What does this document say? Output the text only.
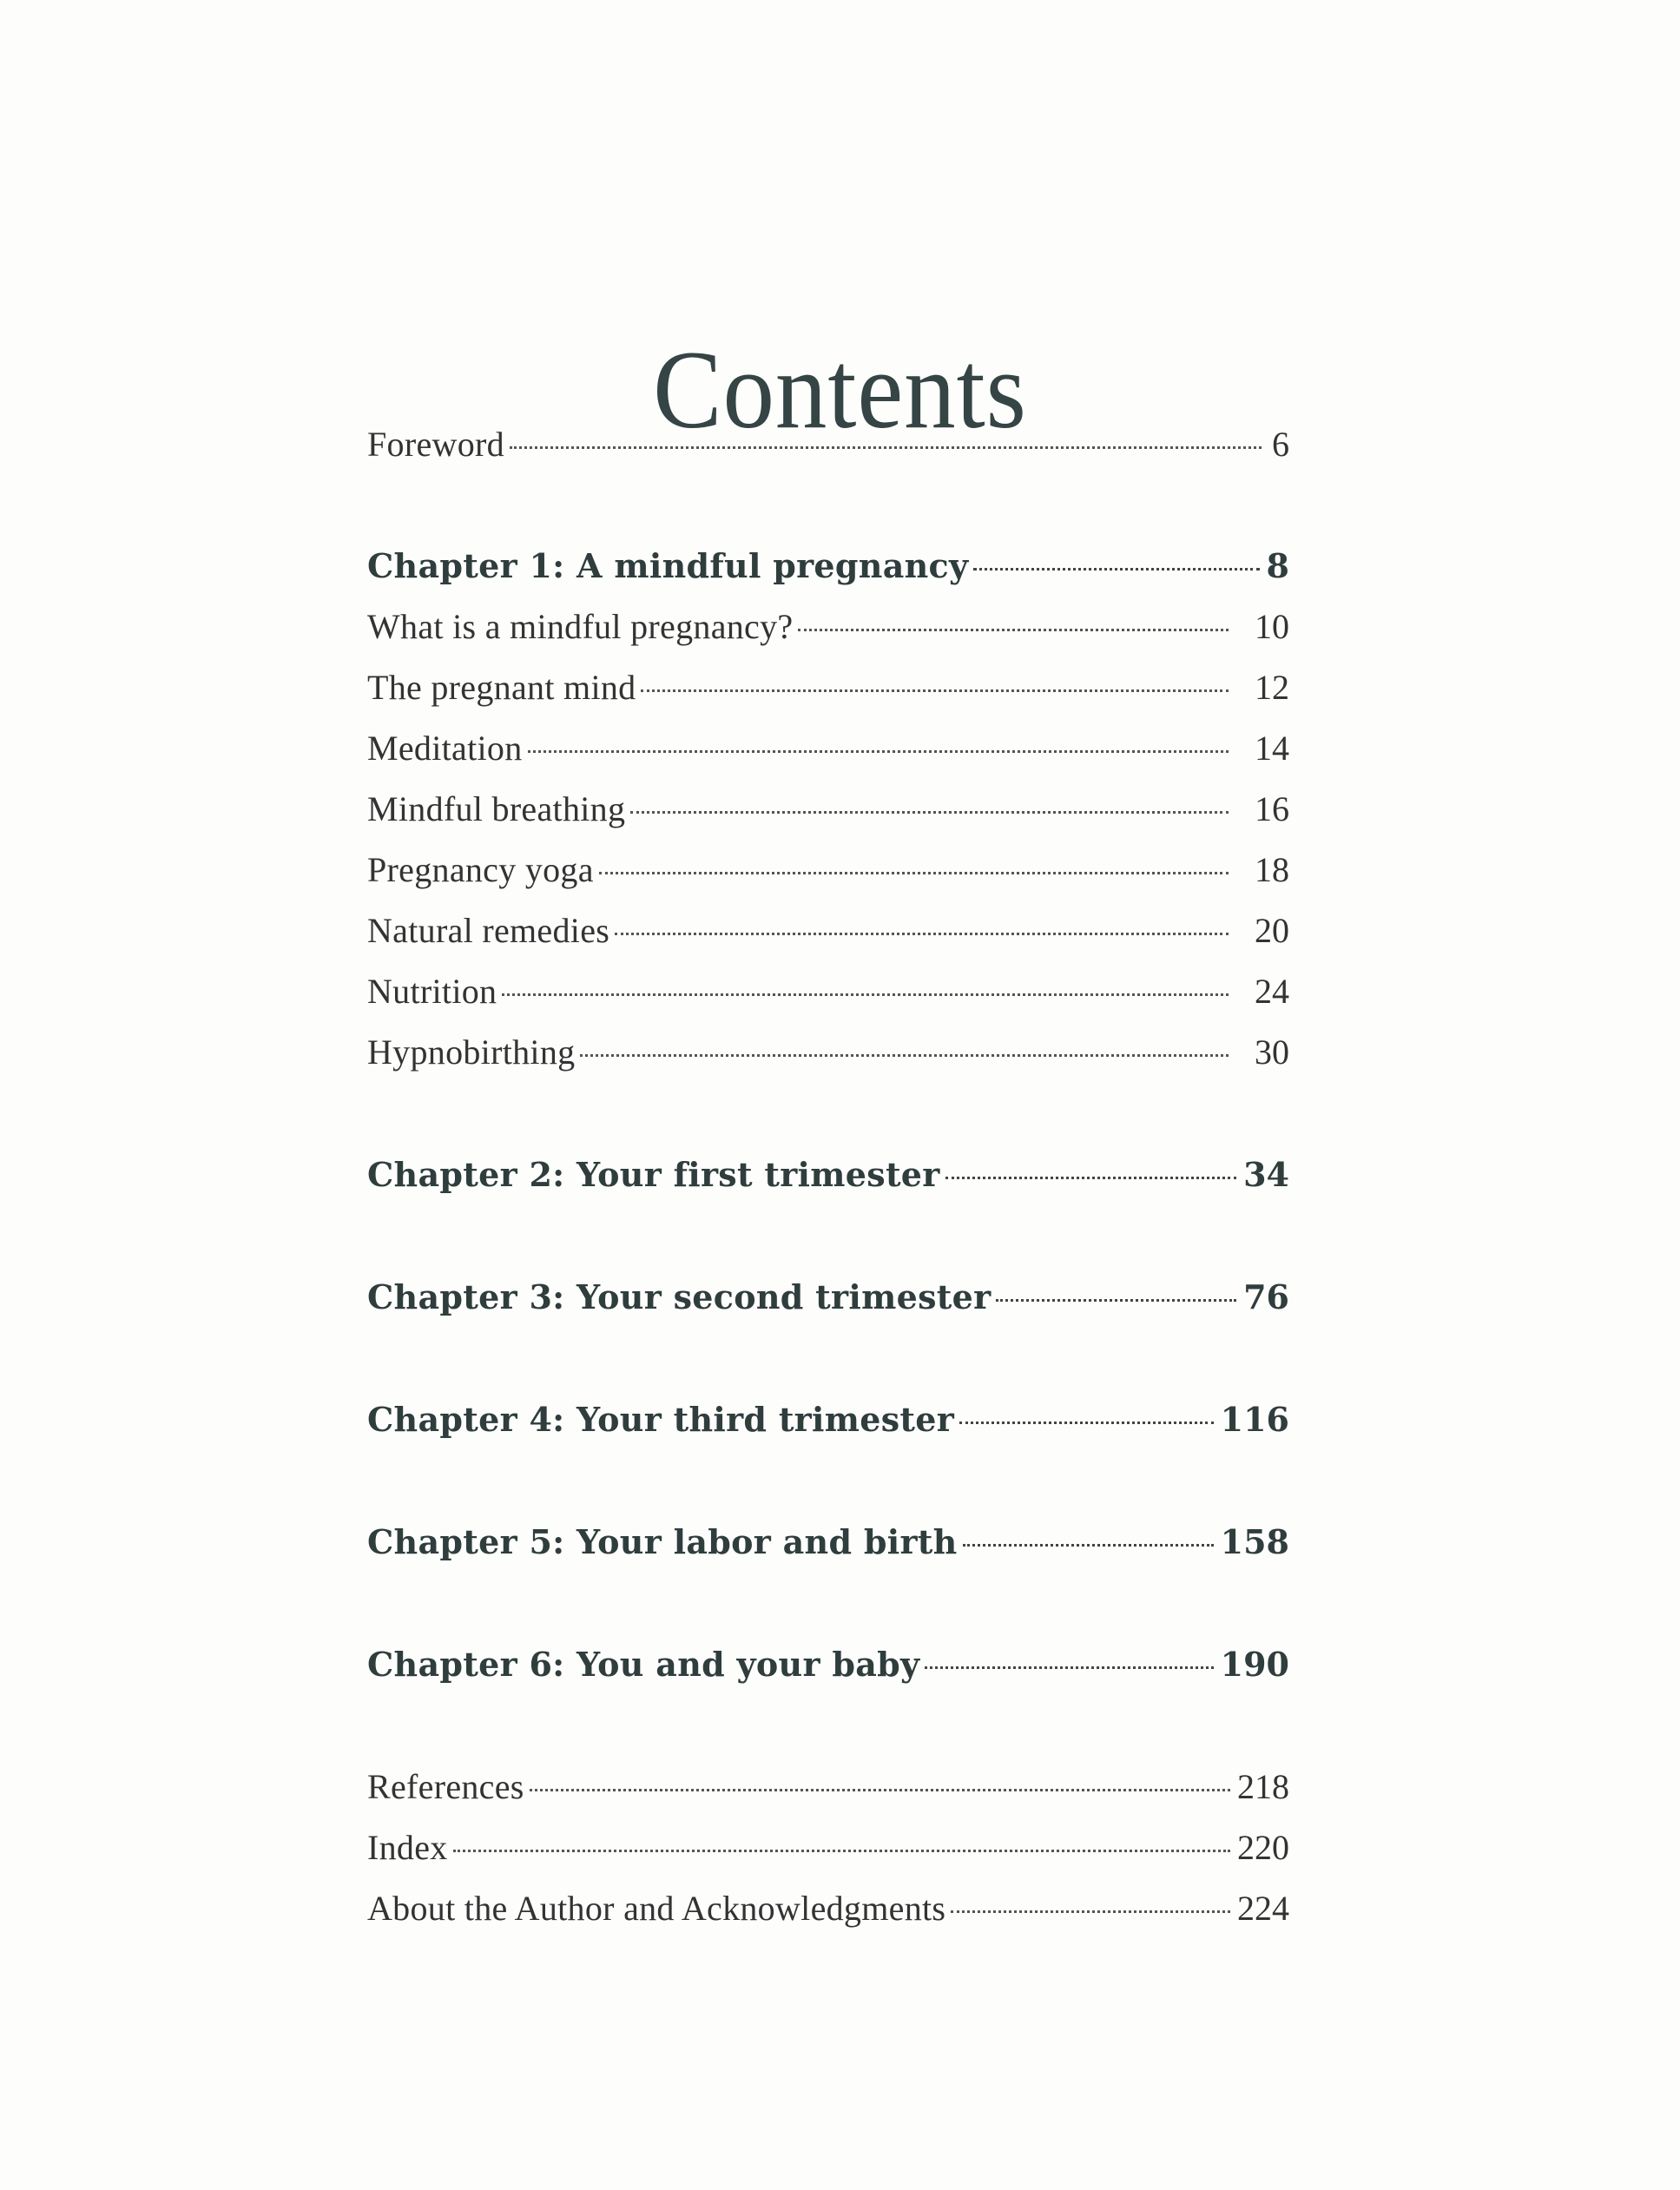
Contents
Foreword	6
Chapter 1: A mindful pregnancy	8
What is a mindful pregnancy?	10
The pregnant mind	12
Meditation	14
Mindful breathing	16
Pregnancy yoga	18
Natural remedies	20
Nutrition	24
Hypnobirthing	30
Chapter 2: Your first trimester	34
Chapter 3: Your second trimester	76
Chapter 4: Your third trimester	116
Chapter 5: Your labor and birth	158
Chapter 6: You and your baby	190
References	218
Index	220
About the Author and Acknowledgments	224
